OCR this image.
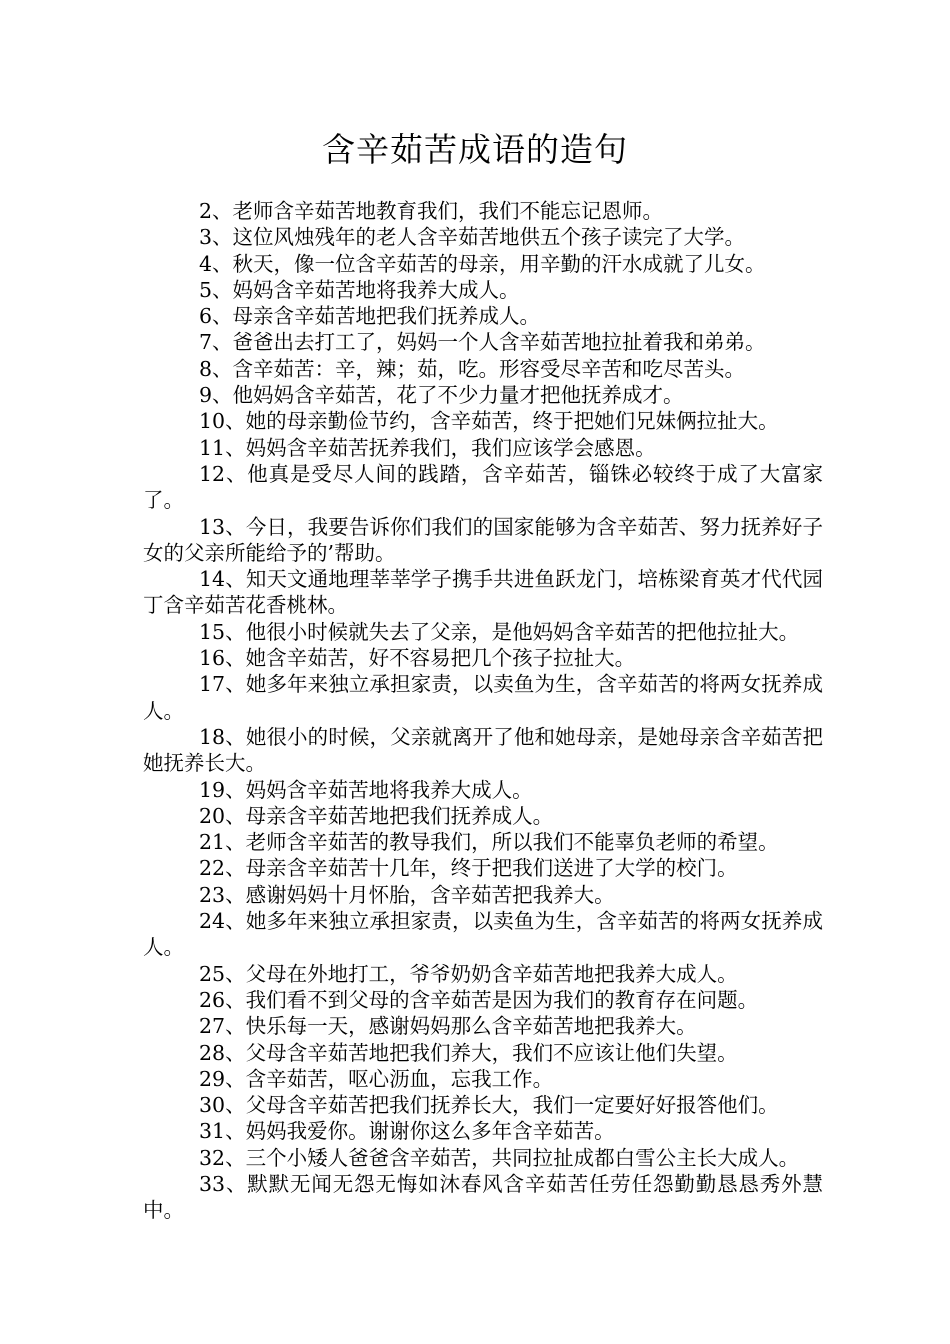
含辛茹苦成语的造句

2、老师含辛茹苦地教育我们，我们不能忘记恩师。

3、这位风烛残年的老人含辛茹苦地供五个孩子读完了大学。

4、秋天，像一位含辛茹苦的母亲，用辛勤的汗水成就了儿女。

5、妈妈含辛茹苦地将我养大成人。

6、母亲含辛茹苦地把我们抚养成人。

7、爸爸出去打工了，妈妈一个人含辛茹苦地拉扯着我和弟弟。

8、含辛茹苦：辛，辣；茹，吃。形容受尽辛苦和吃尽苦头。

9、他妈妈含辛茹苦，花了不少力量才把他抚养成才。

10、她的母亲勤俭节约，含辛茹苦，终于把她们兄妹俩拉扯大。

11、妈妈含辛茹苦抚养我们，我们应该学会感恩。

12、他真是受尽人间的践踏，含辛茹苦，锱铢必较终于成了大富家了。

13、今日，我要告诉你们我们的国家能够为含辛茹苦、努力抚养好子女的父亲所能给予的’帮助。

14、知天文通地理莘莘学子携手共进鱼跃龙门，培栋梁育英才代代园丁含辛茹苦花香桃林。

15、他很小时候就失去了父亲，是他妈妈含辛茹苦的把他拉扯大。

16、她含辛茹苦，好不容易把几个孩子拉扯大。

17、她多年来独立承担家责，以卖鱼为生，含辛茹苦的将两女抚养成人。

18、她很小的时候，父亲就离开了他和她母亲，是她母亲含辛茹苦把她抚养长大。

19、妈妈含辛茹苦地将我养大成人。

20、母亲含辛茹苦地把我们抚养成人。

21、老师含辛茹苦的教导我们，所以我们不能辜负老师的希望。

22、母亲含辛茹苦十几年，终于把我们送进了大学的校门。

23、感谢妈妈十月怀胎，含辛茹苦把我养大。

24、她多年来独立承担家责，以卖鱼为生，含辛茹苦的将两女抚养成人。

25、父母在外地打工，爷爷奶奶含辛茹苦地把我养大成人。

26、我们看不到父母的含辛茹苦是因为我们的教育存在问题。

27、快乐每一天，感谢妈妈那么含辛茹苦地把我养大。

28、父母含辛茹苦地把我们养大，我们不应该让他们失望。

29、含辛茹苦，呕心沥血，忘我工作。

30、父母含辛茹苦把我们抚养长大，我们一定要好好报答他们。

31、妈妈我爱你。谢谢你这么多年含辛茹苦。

32、三个小矮人爸爸含辛茹苦，共同拉扯成都白雪公主长大成人。

33、默默无闻无怨无悔如沐春风含辛茹苦任劳任怨勤勤恳恳秀外慧中。
